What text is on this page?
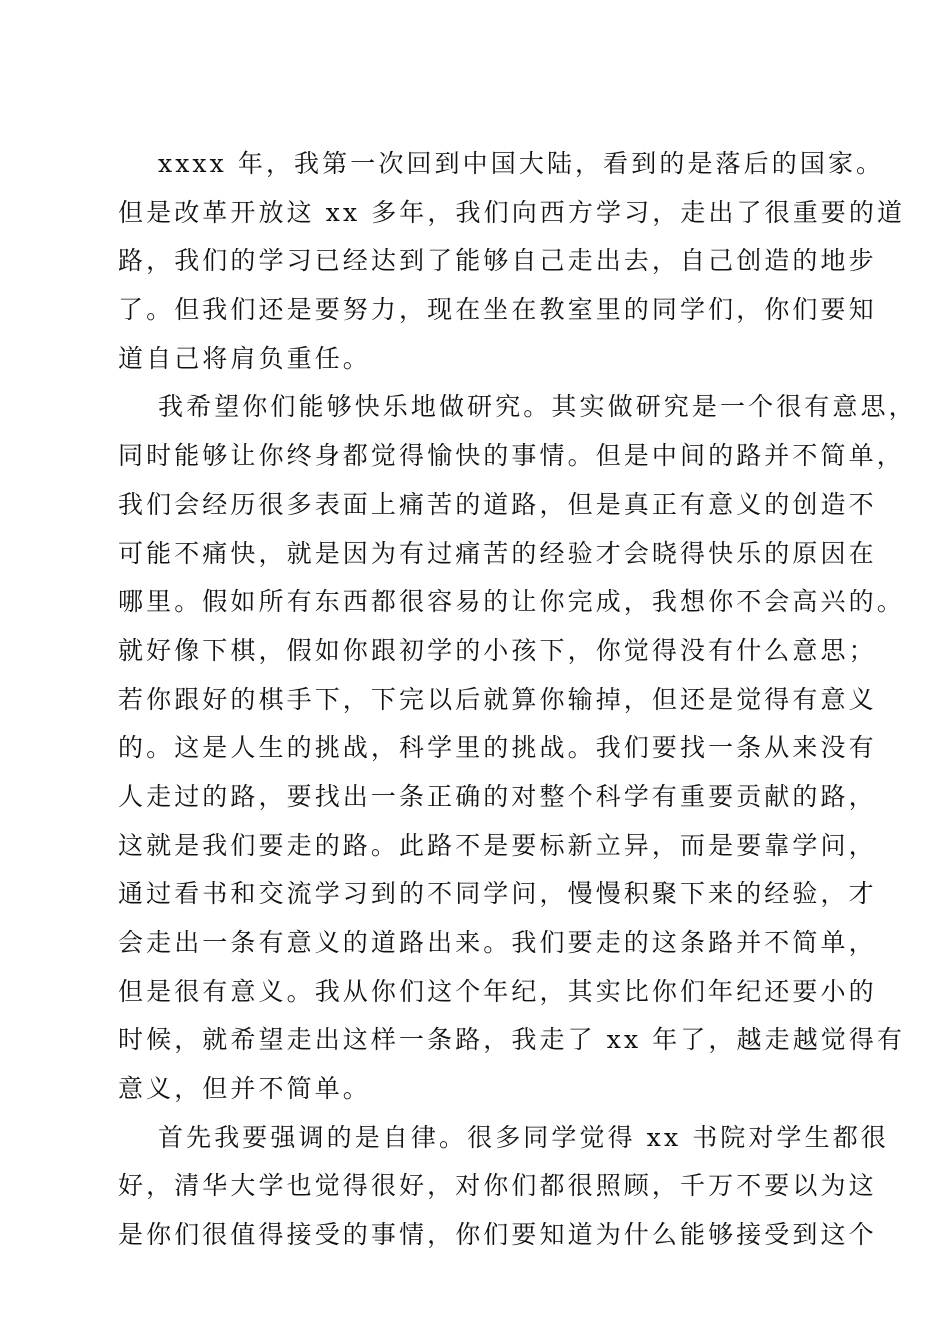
xxxx 年，我第一次回到中国大陆，看到的是落后的国家。
但是改革开放这 xx 多年，我们向西方学习，走出了很重要的道
路，我们的学习已经达到了能够自己走出去，自己创造的地步
了。但我们还是要努力，现在坐在教室里的同学们，你们要知
道自己将肩负重任。
我希望你们能够快乐地做研究。其实做研究是一个很有意思，
同时能够让你终身都觉得愉快的事情。但是中间的路并不简单，
我们会经历很多表面上痛苦的道路，但是真正有意义的创造不
可能不痛快，就是因为有过痛苦的经验才会晓得快乐的原因在
哪里。假如所有东西都很容易的让你完成，我想你不会高兴的。
就好像下棋，假如你跟初学的小孩下，你觉得没有什么意思；
若你跟好的棋手下，下完以后就算你输掉，但还是觉得有意义
的。这是人生的挑战，科学里的挑战。我们要找一条从来没有
人走过的路，要找出一条正确的对整个科学有重要贡献的路，
这就是我们要走的路。此路不是要标新立异，而是要靠学问，
通过看书和交流学习到的不同学问，慢慢积聚下来的经验，才
会走出一条有意义的道路出来。我们要走的这条路并不简单，
但是很有意义。我从你们这个年纪，其实比你们年纪还要小的
时候，就希望走出这样一条路，我走了 xx 年了，越走越觉得有
意义，但并不简单。
首先我要强调的是自律。很多同学觉得 xx 书院对学生都很
好，清华大学也觉得很好，对你们都很照顾，千万不要以为这
是你们很值得接受的事情，你们要知道为什么能够接受到这个
